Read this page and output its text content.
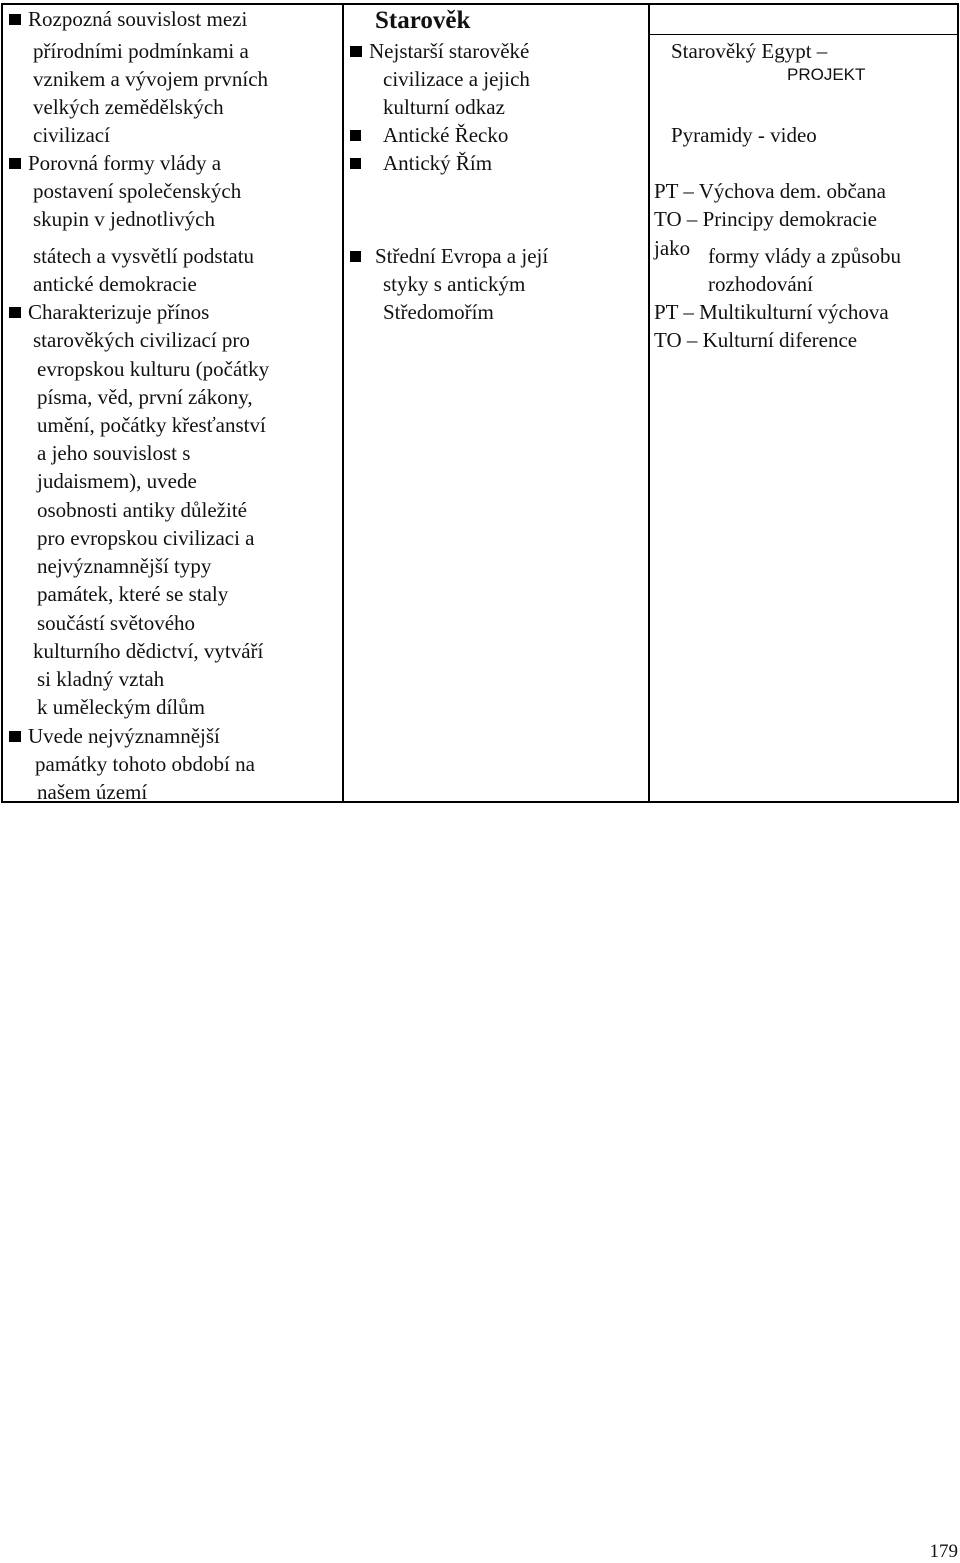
Rozpozná souvislost mezi
přírodními podmínkami a
vznikem a vývojem prvních
velkých zemědělských
civilizací
Porovná formy vlády a
postavení společenských
skupin v jednotlivých
státech a vysvětlí podstatu
antické demokracie
Charakterizuje přínos
starověkých civilizací pro
evropskou kulturu (počátky
písma, věd, první zákony,
umění, počátky křesťanství
a jeho souvislost s
judaismem), uvede
osobnosti antiky důležité
pro evropskou civilizaci a
nejvýznamnější typy
památek, které se staly
součástí světového
kulturního dědictví, vytváří
si kladný vztah
k uměleckým dílům
Uvede nejvýznamnější
památky tohoto období na
našem území
Starověk
Nejstarší starověké
civilizace a jejich
kulturní odkaz
Antické Řecko
Antický Řím
Střední Evropa a její
styky s antickým
Středomořím
Starověký Egypt –
PROJEKT
Pyramidy - video
PT – Výchova dem. občana
TO – Principy demokracie
jako formy vlády a způsobu
rozhodování
PT – Multikulturní výchova
TO – Kulturní diference
179
